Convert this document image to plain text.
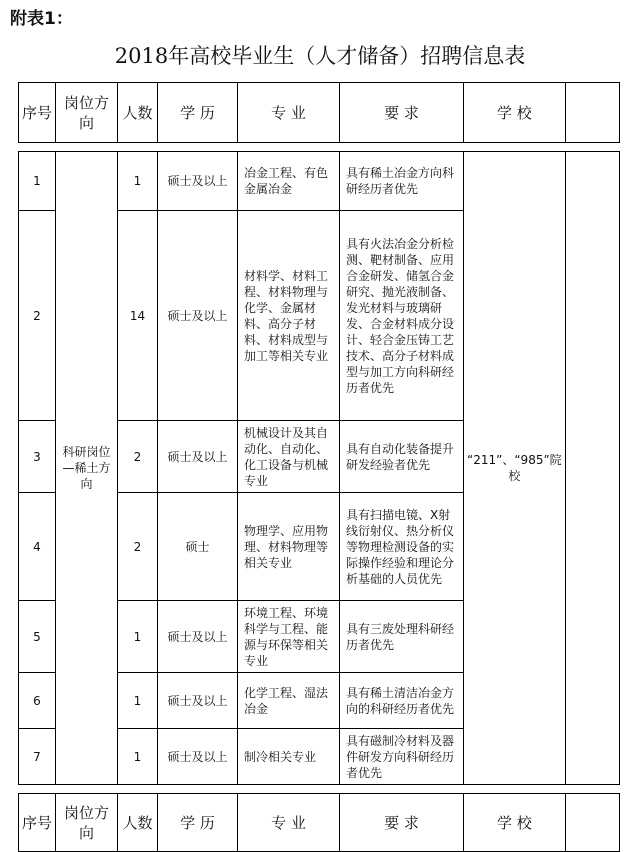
附表1：
2018年高校毕业生（人才储备）招聘信息表
序号	岗位方向	人数	学 历	专 业	要 求	学 校	

1	科研岗位—稀土方向	1	硕士及以上	冶金工程、有色金属冶金	具有稀土冶金方向科研经历者优先	“211”、“985”院校	
2		14	硕士及以上	材料学、材料工程、材料物理与化学、金属材料、高分子材料、材料成型与加工等相关专业	具有火法冶金分析检测、靶材制备、应用合金研发、储氢合金研究、抛光液制备、发光材料与玻璃研发、合金材料成分设计、轻合金压铸工艺技术、高分子材料成型与加工方向科研经历者优先		
3		2	硕士及以上	机械设计及其自动化、自动化、化工设备与机械专业	具有自动化装备提升研发经验者优先		
4		2	硕士	物理学、应用物理、材料物理等相关专业	具有扫描电镜、X射线衍射仪、热分析仪等物理检测设备的实际操作经验和理论分析基础的人员优先		
5		1	硕士及以上	环境工程、环境科学与工程、能源与环保等相关专业	具有三废处理科研经历者优先		
6		1	硕士及以上	化学工程、湿法冶金	具有稀土清洁冶金方向的科研经历者优先		
7		1	硕士及以上	制冷相关专业	具有磁制冷材料及器件研发方向科研经历者优先		

序号	岗位方向	人数	学 历	专 业	要 求	学 校	
